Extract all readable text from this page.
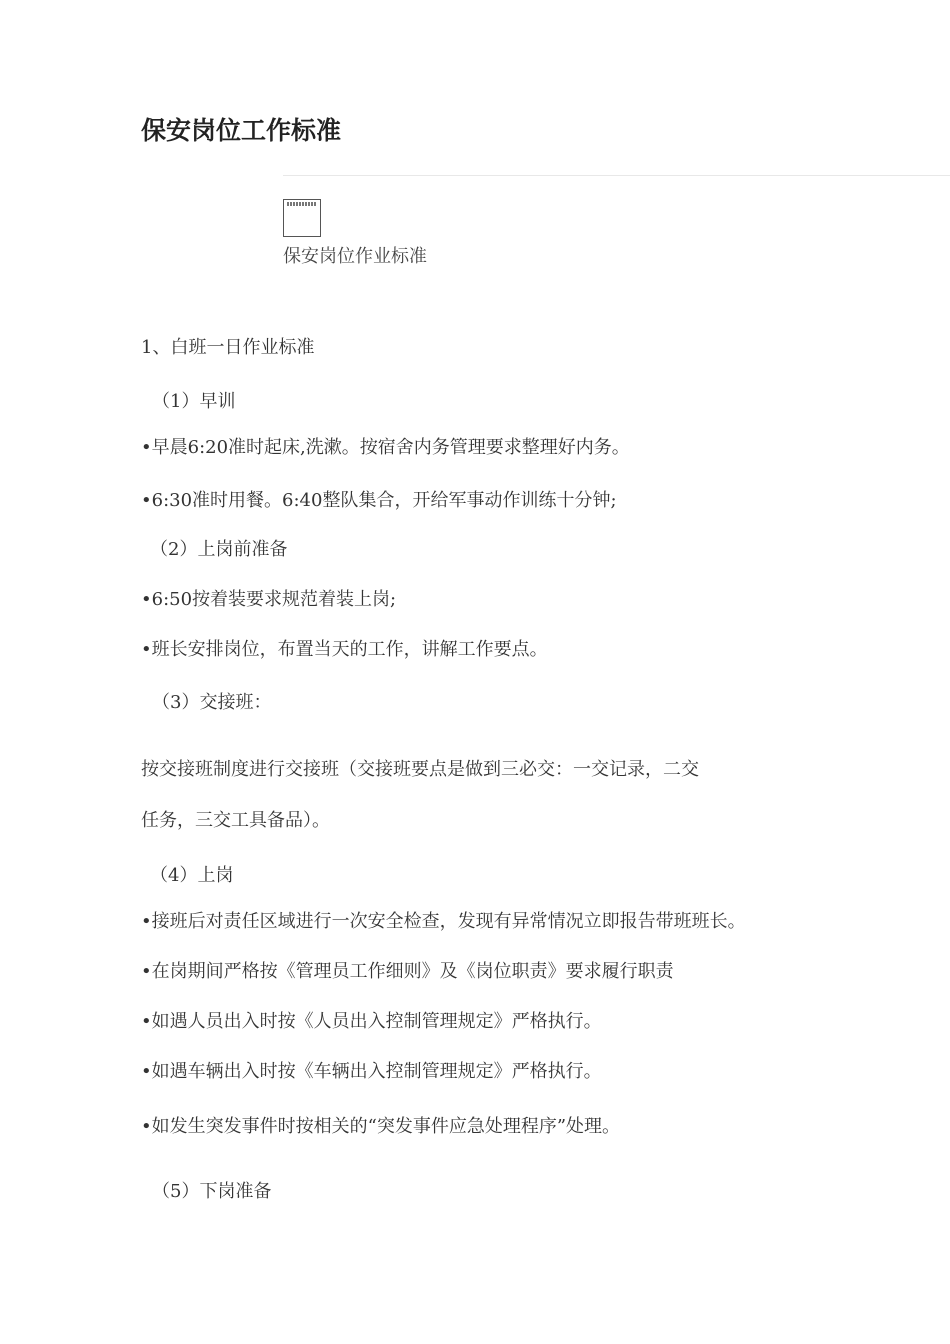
保安岗位工作标准
保安岗位作业标准
1、白班一日作业标准
（1）早训
•早晨6:20准时起床,洗漱。按宿舍内务管理要求整理好内务。
•6:30准时用餐。6:40整队集合，开给军事动作训练十分钟;
（2）上岗前准备
•6:50按着装要求规范着装上岗;
•班长安排岗位，布置当天的工作，讲解工作要点。
（3）交接班：
按交接班制度进行交接班（交接班要点是做到三必交：一交记录，二交
任务，三交工具备品）。
（4）上岗
•接班后对责任区域进行一次安全检查，发现有异常情况立即报告带班班长。
•在岗期间严格按《管理员工作细则》及《岗位职责》要求履行职责
•如遇人员出入时按《人员出入控制管理规定》严格执行。
•如遇车辆出入时按《车辆出入控制管理规定》严格执行。
•如发生突发事件时按相关的“突发事件应急处理程序”处理。
（5）下岗准备
